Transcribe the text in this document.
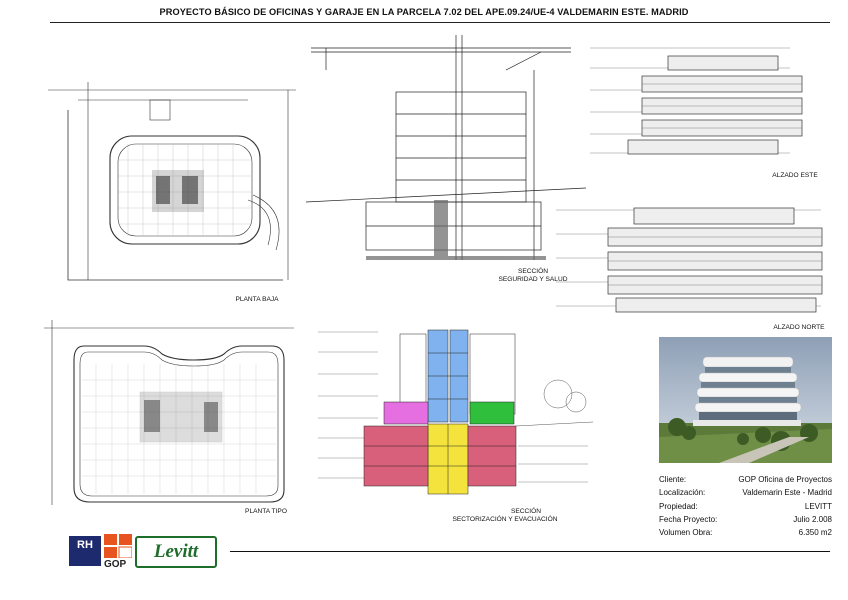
PROYECTO BÁSICO DE OFICINAS Y GARAJE EN LA PARCELA 7.02 DEL APE.09.24/UE-4 VALDEMARIN ESTE. MADRID
PLANTA BAJA
SECCIÓN
SEGURIDAD Y SALUD
ALZADO ESTE
ALZADO NORTE
PLANTA TIPO	SECCIÓN
SECTORIZACIÓN Y EVACUACIÓN
Cliente:	GOP Oficina de Proyectos
Localización:	Valdemarin Este - Madrid
Propiedad:	LEVITT
Fecha Proyecto:	Julio 2.008
Volumen Obra:	6.350 m2
RH
GOP
Levitt
